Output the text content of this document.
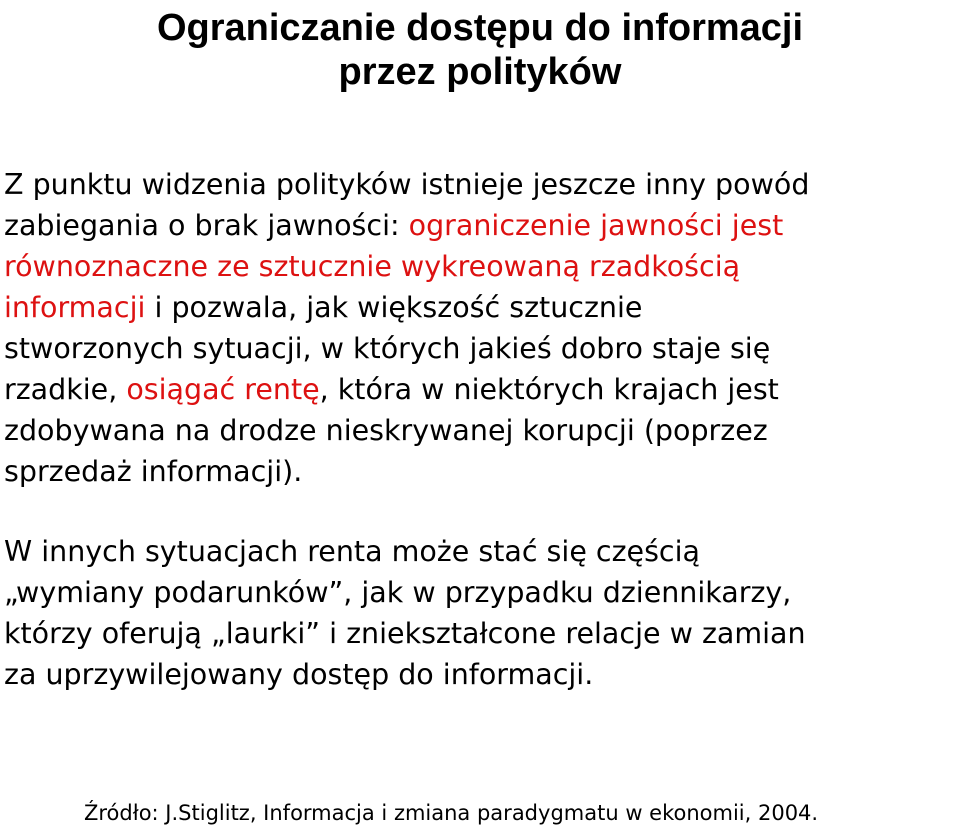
Ograniczanie dostępu do informacji
przez polityków

Z punktu widzenia polityków istnieje jeszcze inny powód
zabiegania o brak jawności: ograniczenie jawności jest
równoznaczne ze sztucznie wykreowaną rzadkością
informacji i pozwala, jak większość sztucznie
stworzonych sytuacji, w których jakieś dobro staje się
rzadkie, osiągać rentę, która w niektórych krajach jest
zdobywana na drodze nieskrywanej korupcji (poprzez
sprzedaż informacji).

W innych sytuacjach renta może stać się częścią
„wymiany podarunków”, jak w przypadku dziennikarzy,
którzy oferują „laurki” i zniekształcone relacje w zamian
za uprzywilejowany dostęp do informacji.

Źródło: J.Stiglitz, Informacja i zmiana paradygmatu w ekonomii, 2004.
